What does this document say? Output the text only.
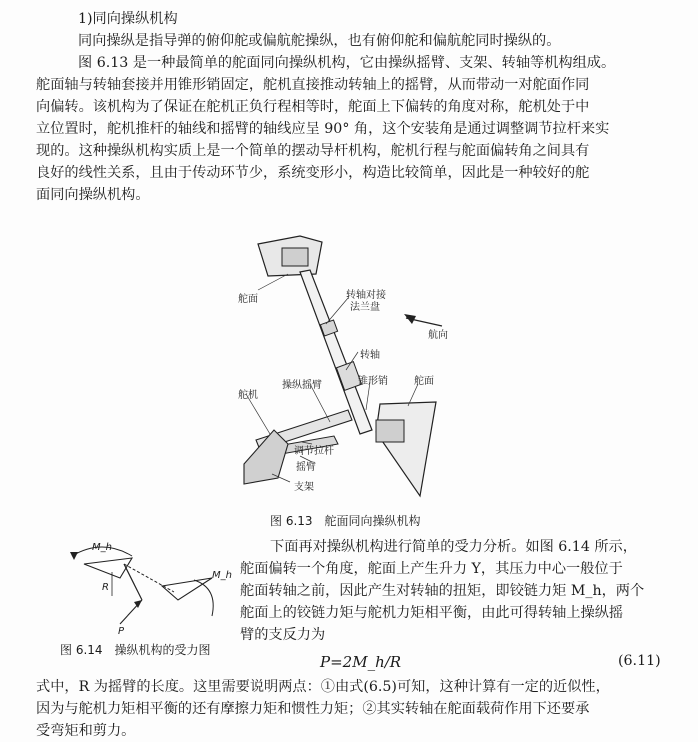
1)同向操纵机构
同向操纵是指导弹的俯仰舵或偏航舵操纵，也有俯仰舵和偏航舵同时操纵的。
图 6.13 是一种最简单的舵面同向操纵机构，它由操纵摇臂、支架、转轴等机构组成。
舵面轴与转轴套接并用锥形销固定，舵机直接推动转轴上的摇臂，从而带动一对舵面作同
向偏转。该机构为了保证在舵机正负行程相等时，舵面上下偏转的角度对称，舵机处于中
立位置时，舵机推杆的轴线和摇臂的轴线应呈 90° 角，这个安装角是通过调整调节拉杆来实
现的。这种操纵机构实质上是一个简单的摆动导杆机构，舵机行程与舵面偏转角之间具有
良好的线性关系，且由于传动环节少，系统变形小，构造比较简单，因此是一种较好的舵
面同向操纵机构。
舵面	转轴对接 法兰盘
航向
转轴
舵机
操纵摇臂	锥形销	舵面
调节拉杆
摇臂
支架
图 6.13　舵面同向操纵机构
M_h
M_h
R
P
图 6.14　操纵机构的受力图
下面再对操纵机构进行简单的受力分析。如图 6.14 所示，
舵面偏转一个角度，舵面上产生升力 Y，其压力中心一般位于
舵面转轴之前，因此产生对转轴的扭矩，即铰链力矩 M_h，两个
舵面上的铰链力矩与舵机力矩相平衡，由此可得转轴上操纵摇
臂的支反力为
P=2M_h/R	(6.11)
式中，R 为摇臂的长度。这里需要说明两点：①由式(6.5)可知，这种计算有一定的近似性，
因为与舵机力矩相平衡的还有摩擦力矩和惯性力矩；②其实转轴在舵面载荷作用下还要承
受弯矩和剪力。
